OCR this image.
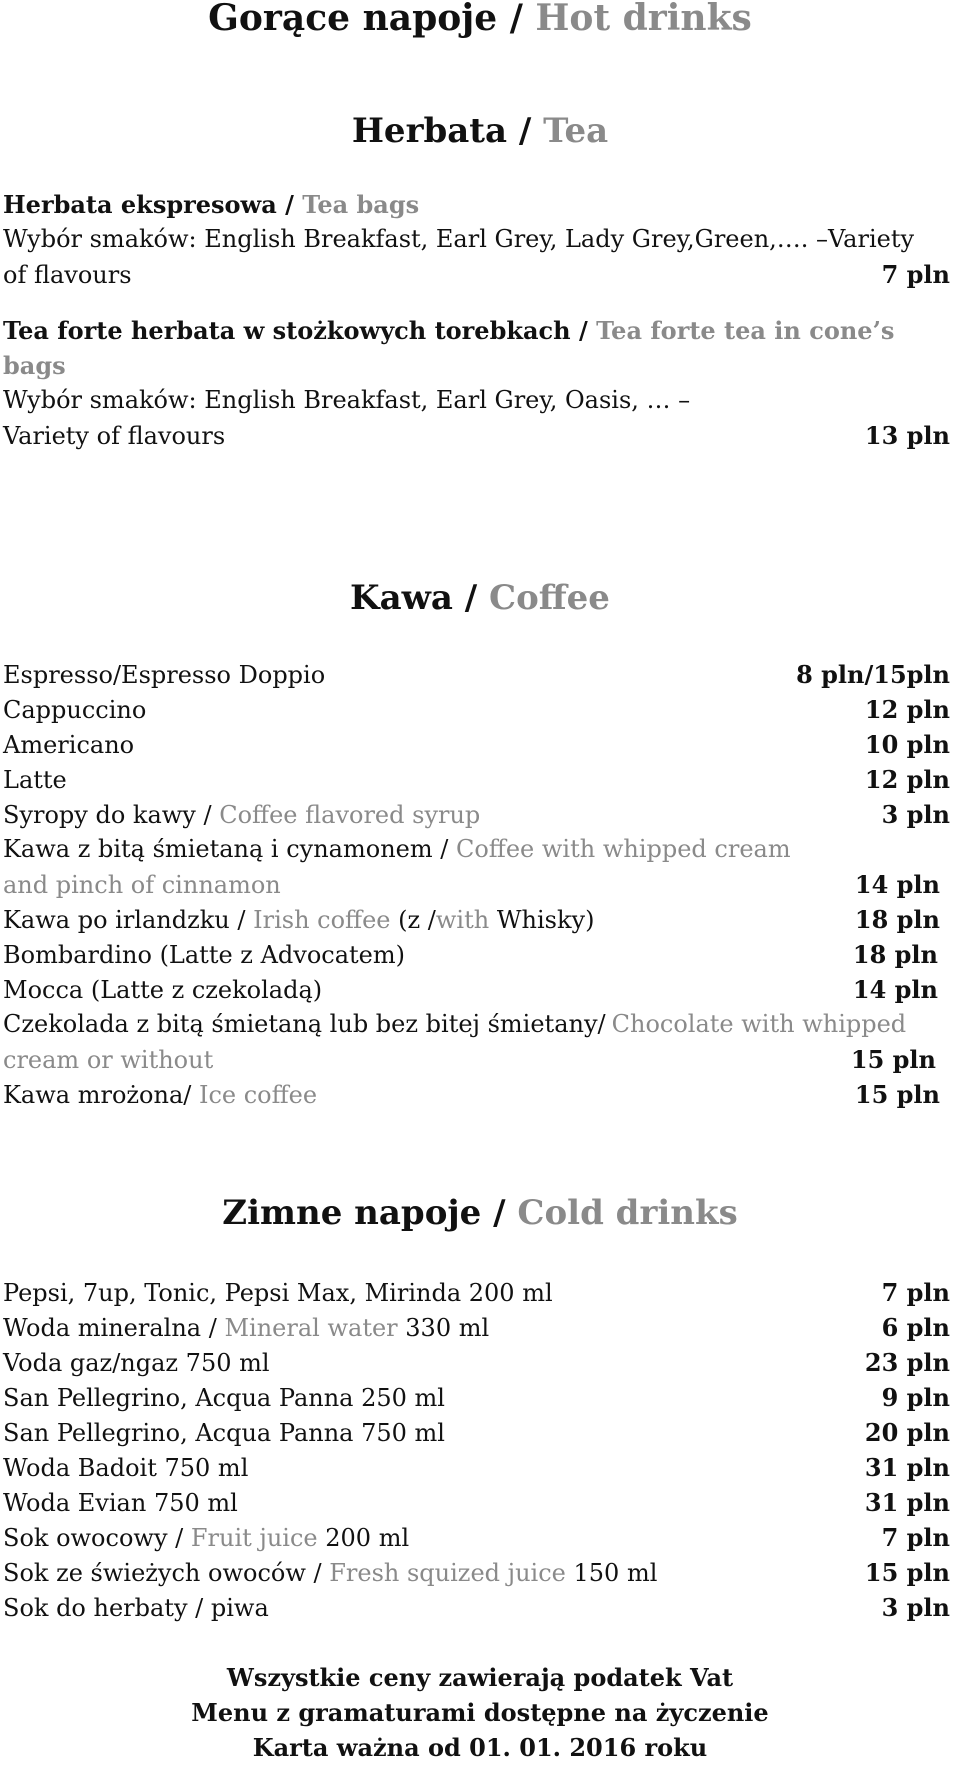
Gorące napoje / Hot drinks
Herbata / Tea
Herbata ekspresowa / Tea bags
Wybór smaków: English Breakfast, Earl Grey, Lady Grey,Green,…. –Variety
of flavours	7 pln
Tea forte herbata w stożkowych torebkach / Tea forte tea in cone’s
bags
Wybór smaków: English Breakfast, Earl Grey, Oasis, … –
Variety of flavours	13 pln
Kawa / Coffee
Espresso/Espresso Doppio	8 pln/15pln
Cappuccino	12 pln
Americano	10 pln
Latte	12 pln
Syropy do kawy / Coffee flavored syrup	3 pln
Kawa z bitą śmietaną i cynamonem / Coffee with whipped cream
and pinch of cinnamon	14 pln
Kawa po irlandzku / Irish coffee (z /with Whisky)	18 pln
Bombardino (Latte z Advocatem)	18 pln
Mocca (Latte z czekoladą)	14 pln
Czekolada z bitą śmietaną lub bez bitej śmietany/ Chocolate with whipped
cream or without	15 pln
Kawa mrożona/ Ice coffee	15 pln
Zimne napoje / Cold drinks
Pepsi, 7up, Tonic, Pepsi Max, Mirinda 200 ml	7 pln
Woda mineralna / Mineral water 330 ml	6 pln
Voda gaz/ngaz 750 ml	23 pln
San Pellegrino, Acqua Panna 250 ml	9 pln
San Pellegrino, Acqua Panna 750 ml	20 pln
Woda Badoit 750 ml	31 pln
Woda Evian 750 ml	31 pln
Sok owocowy / Fruit juice 200 ml	7 pln
Sok ze świeżych owoców / Fresh squized juice 150 ml	15 pln
Sok do herbaty / piwa	3 pln
Wszystkie ceny zawierają podatek Vat
Menu z gramaturami dostępne na życzenie
Karta ważna od 01. 01. 2016 roku
